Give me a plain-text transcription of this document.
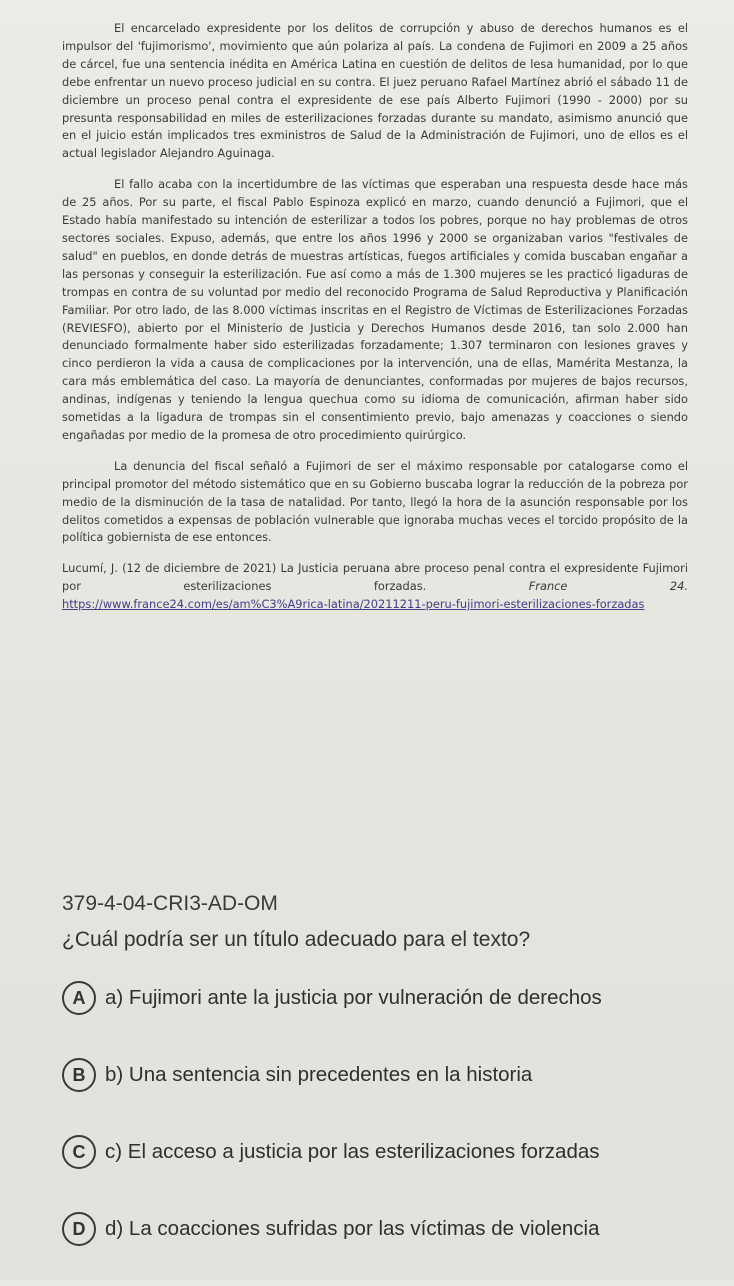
El encarcelado expresidente por los delitos de corrupción y abuso de derechos humanos es el impulsor del 'fujimorismo', movimiento que aún polariza al país. La condena de Fujimori en 2009 a 25 años de cárcel, fue una sentencia inédita en América Latina en cuestión de delitos de lesa humanidad, por lo que debe enfrentar un nuevo proceso judicial en su contra. El juez peruano Rafael Martínez abrió el sábado 11 de diciembre un proceso penal contra el expresidente de ese país Alberto Fujimori (1990 - 2000) por su presunta responsabilidad en miles de esterilizaciones forzadas durante su mandato, asimismo anunció que en el juicio están implicados tres exministros de Salud de la Administración de Fujimori, uno de ellos es el actual legislador Alejandro Aguinaga.

El fallo acaba con la incertidumbre de las víctimas que esperaban una respuesta desde hace más de 25 años. Por su parte, el fiscal Pablo Espinoza explicó en marzo, cuando denunció a Fujimori, que el Estado había manifestado su intención de esterilizar a todos los pobres, porque no hay problemas de otros sectores sociales. Expuso, además, que entre los años 1996 y 2000 se organizaban varios "festivales de salud" en pueblos, en donde detrás de muestras artísticas, fuegos artificiales y comida buscaban engañar a las personas y conseguir la esterilización. Fue así como a más de 1.300 mujeres se les practicó ligaduras de trompas en contra de su voluntad por medio del reconocido Programa de Salud Reproductiva y Planificación Familiar. Por otro lado, de las 8.000 víctimas inscritas en el Registro de Víctimas de Esterilizaciones Forzadas (REVIESFO), abierto por el Ministerio de Justicia y Derechos Humanos desde 2016, tan solo 2.000 han denunciado formalmente haber sido esterilizadas forzadamente; 1.307 terminaron con lesiones graves y cinco perdieron la vida a causa de complicaciones por la intervención, una de ellas, Mamérita Mestanza, la cara más emblemática del caso. La mayoría de denunciantes, conformadas por mujeres de bajos recursos, andinas, indígenas y teniendo la lengua quechua como su idioma de comunicación, afirman haber sido sometidas a la ligadura de trompas sin el consentimiento previo, bajo amenazas y coacciones o siendo engañadas por medio de la promesa de otro procedimiento quirúrgico.

La denuncia del fiscal señaló a Fujimori de ser el máximo responsable por catalogarse como el principal promotor del método sistemático que en su Gobierno buscaba lograr la reducción de la pobreza por medio de la disminución de la tasa de natalidad. Por tanto, llegó la hora de la asunción responsable por los delitos cometidos a expensas de población vulnerable que ignoraba muchas veces el torcido propósito de la política gobiernista de ese entonces.

Lucumí, J. (12 de diciembre de 2021) La Justicia peruana abre proceso penal contra el expresidente Fujimori por esterilizaciones forzadas.	France 24. https://www.france24.com/es/am%C3%A9rica-latina/20211211-peru-fujimori-esterilizaciones-forzadas

379-4-04-CRI3-AD-OM
¿Cuál podría ser un título adecuado para el texto?
A a) Fujimori ante la justicia por vulneración de derechos
B b) Una sentencia sin precedentes en la historia
C c) El acceso a justicia por las esterilizaciones forzadas
D d) La coacciones sufridas por las víctimas de violencia
